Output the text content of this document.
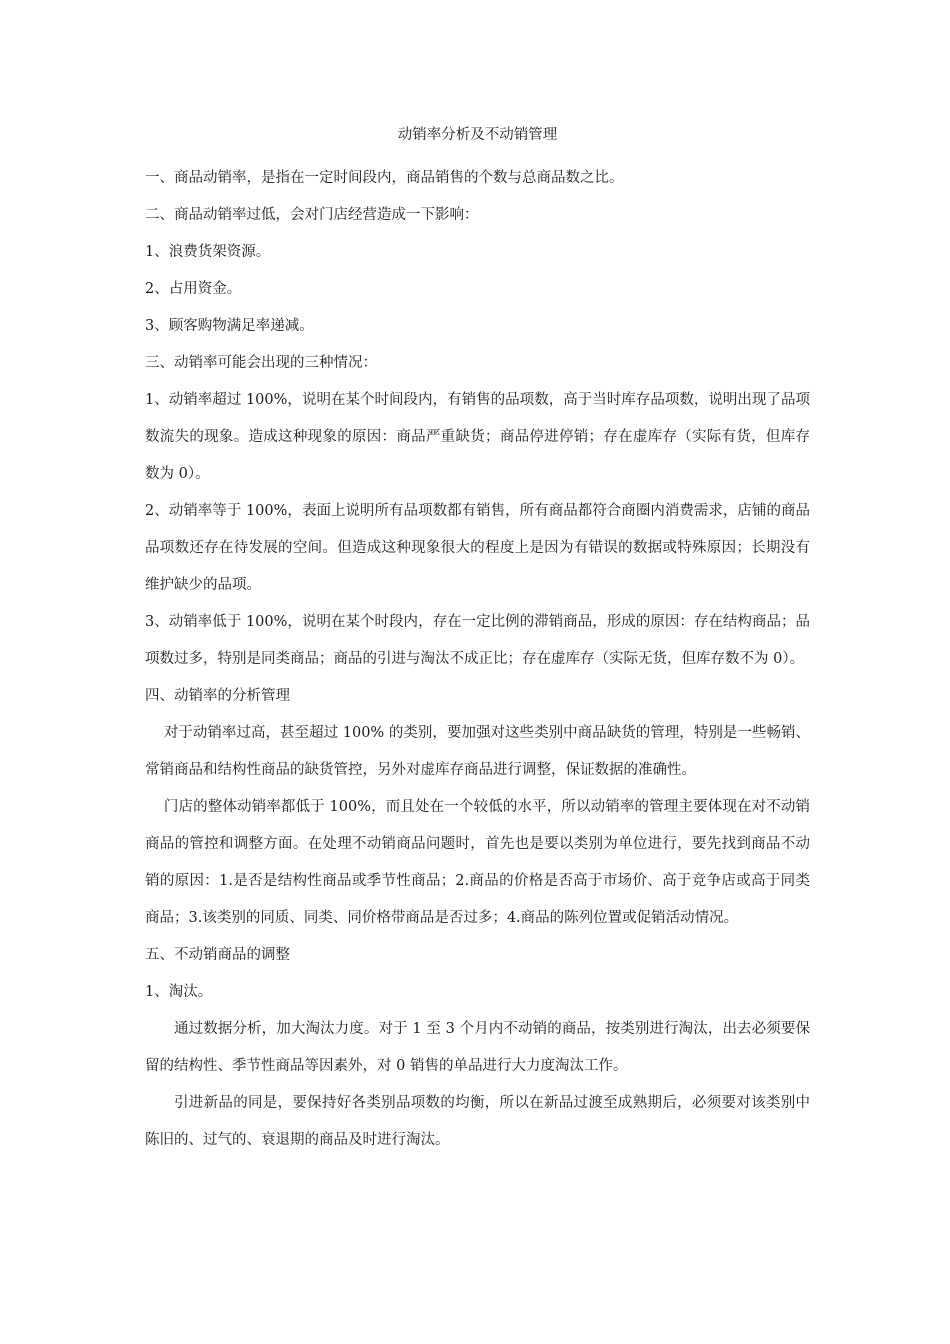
动销率分析及不动销管理

一、商品动销率，是指在一定时间段内，商品销售的个数与总商品数之比。

二、商品动销率过低，会对门店经营造成一下影响：

1、浪费货架资源。

2、占用资金。

3、顾客购物满足率递减。

三、动销率可能会出现的三种情况：

1、动销率超过 100%，说明在某个时间段内，有销售的品项数，高于当时库存品项数，说明出现了品项数流失的现象。造成这种现象的原因：商品严重缺货；商品停进停销；存在虚库存（实际有货，但库存数为 0）。

2、动销率等于 100%，表面上说明所有品项数都有销售，所有商品都符合商圈内消费需求，店铺的商品品项数还存在待发展的空间。但造成这种现象很大的程度上是因为有错误的数据或特殊原因；长期没有维护缺少的品项。

3、动销率低于 100%，说明在某个时段内，存在一定比例的滞销商品，形成的原因：存在结构商品；品项数过多，特别是同类商品；商品的引进与淘汰不成正比；存在虚库存（实际无货，但库存数不为 0）。

四、动销率的分析管理

对于动销率过高，甚至超过 100% 的类别，要加强对这些类别中商品缺货的管理，特别是一些畅销、常销商品和结构性商品的缺货管控，另外对虚库存商品进行调整，保证数据的准确性。

门店的整体动销率都低于 100%，而且处在一个较低的水平，所以动销率的管理主要体现在对不动销商品的管控和调整方面。在处理不动销商品问题时，首先也是要以类别为单位进行，要先找到商品不动销的原因：1.是否是结构性商品或季节性商品；2.商品的价格是否高于市场价、高于竞争店或高于同类商品；3.该类别的同质、同类、同价格带商品是否过多；4.商品的陈列位置或促销活动情况。

五、不动销商品的调整

1、淘汰。

通过数据分析，加大淘汰力度。对于 1 至 3 个月内不动销的商品，按类别进行淘汰，出去必须要保留的结构性、季节性商品等因素外，对 0 销售的单品进行大力度淘汰工作。

引进新品的同是，要保持好各类别品项数的均衡，所以在新品过渡至成熟期后，必须要对该类别中陈旧的、过气的、衰退期的商品及时进行淘汰。
